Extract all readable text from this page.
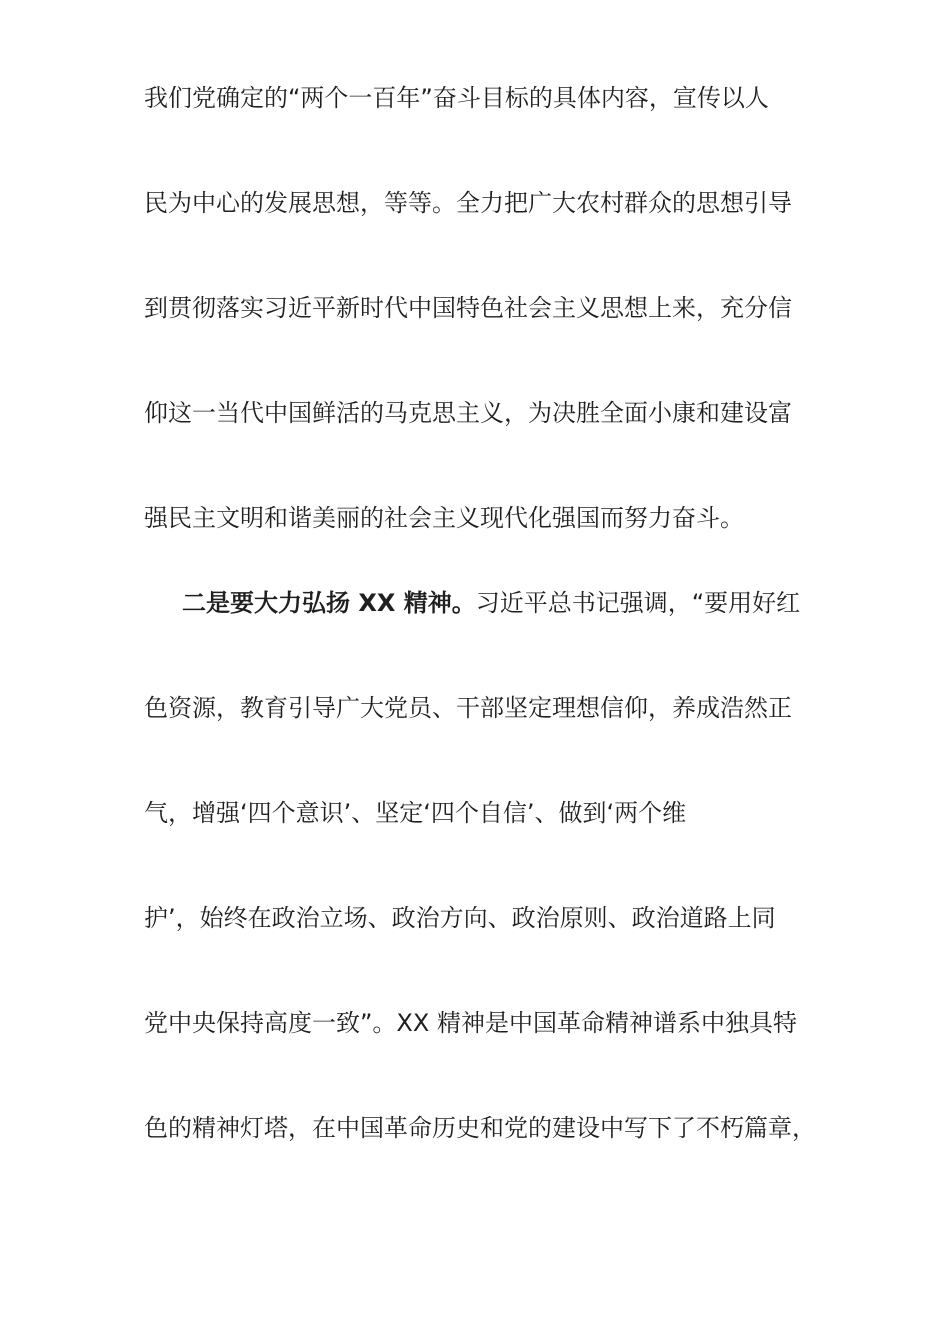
我们党确定的“两个一百年”奋斗目标的具体内容，宣传以人
民为中心的发展思想，等等。全力把广大农村群众的思想引导
到贯彻落实习近平新时代中国特色社会主义思想上来，充分信
仰这一当代中国鲜活的马克思主义，为决胜全面小康和建设富
强民主文明和谐美丽的社会主义现代化强国而努力奋斗。
二是要大力弘扬 XX 精神。习近平总书记强调，“要用好红
色资源，教育引导广大党员、干部坚定理想信仰，养成浩然正
气，增强‘四个意识’、坚定‘四个自信’、做到‘两个维
护’，始终在政治立场、政治方向、政治原则、政治道路上同
党中央保持高度一致”。XX 精神是中国革命精神谱系中独具特
色的精神灯塔，在中国革命历史和党的建设中写下了不朽篇章，
